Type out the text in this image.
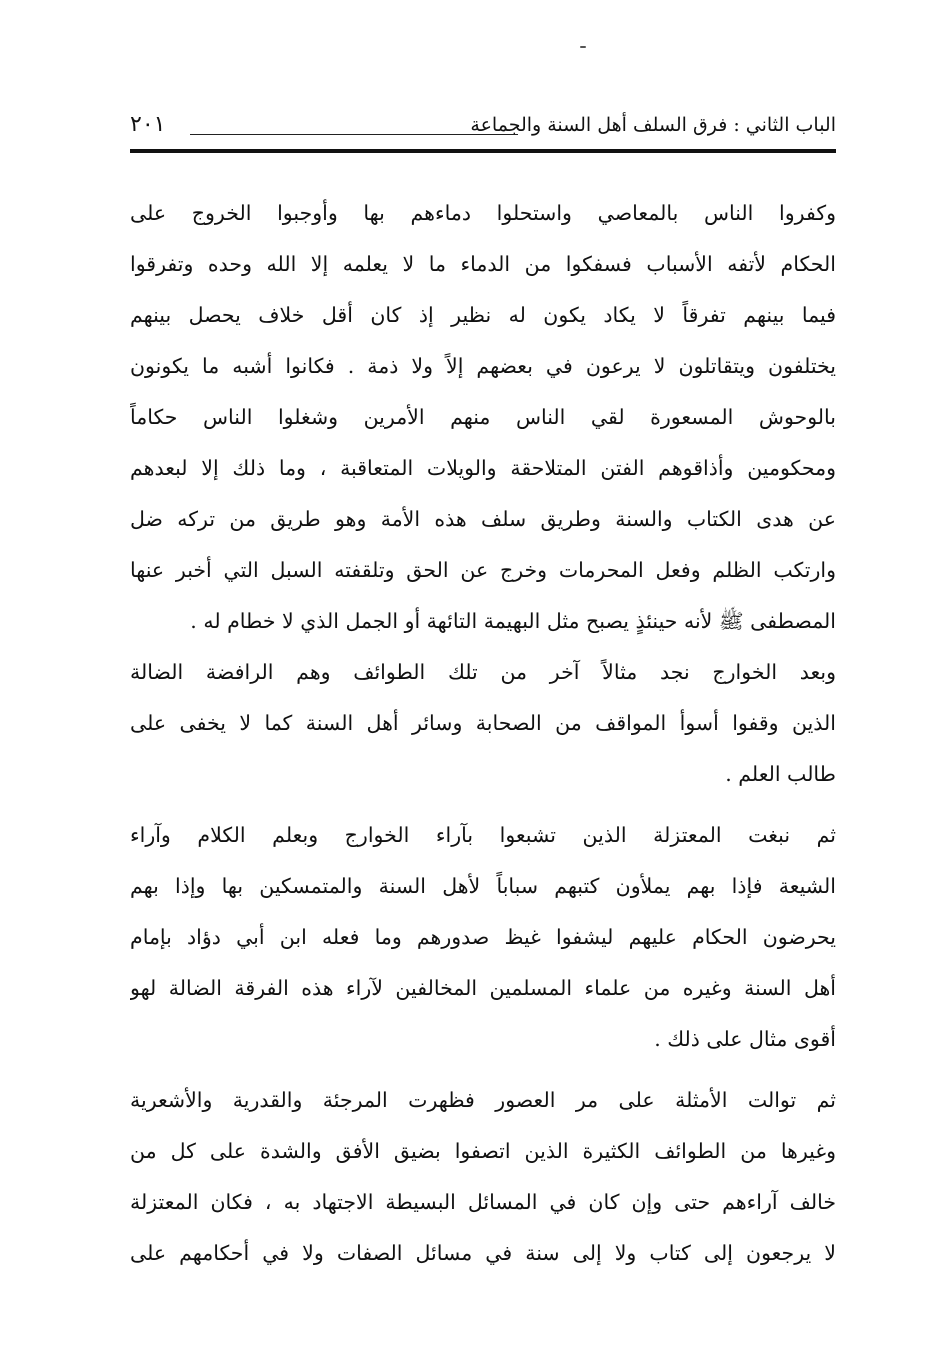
الباب الثاني : فرق السلف أهل السنة والجماعة
٢٠١
وكفروا الناس بالمعاصي واستحلوا دماءهم بها وأوجبوا الخروج على
الحكام لأتفه الأسباب فسفكوا من الدماء ما لا يعلمه إلا الله وحده وتفرقوا
فيما بينهم تفرقاً لا يكاد يكون له نظير إذ كان أقل خلاف يحصل بينهم
يختلفون ويتقاتلون لا يرعون في بعضهم إلاً ولا ذمة . فكانوا أشبه ما يكونون
بالوحوش المسعورة لقي الناس منهم الأمرين وشغلوا الناس حكاماً
ومحكومين وأذاقوهم الفتن المتلاحقة والويلات المتعاقبة ، وما ذلك إلا لبعدهم
عن هدى الكتاب والسنة وطريق سلف هذه الأمة وهو طريق من تركه ضل
وارتكب الظلم وفعل المحرمات وخرج عن الحق وتلقفته السبل التي أخبر عنها
المصطفى ﷺ لأنه حينئذٍ يصبح مثل البهيمة التائهة أو الجمل الذي لا خطام له .
وبعد الخوارج نجد مثالاً آخر من تلك الطوائف وهم الرافضة الضالة
الذين وقفوا أسوأ المواقف من الصحابة وسائر أهل السنة كما لا يخفى على
طالب العلم .
ثم نبغت المعتزلة الذين تشبعوا بآراء الخوارج وبعلم الكلام وآراء
الشيعة فإذا بهم يملأون كتبهم سباباً لأهل السنة والمتمسكين بها وإذا بهم
يحرضون الحكام عليهم ليشفوا غيظ صدورهم وما فعله ابن أبي دؤاد بإمام
أهل السنة وغيره من علماء المسلمين المخالفين لآراء هذه الفرقة الضالة لهو
أقوى مثال على ذلك .
ثم توالت الأمثلة على مر العصور فظهرت المرجئة والقدرية والأشعرية
وغيرها من الطوائف الكثيرة الذين اتصفوا بضيق الأفق والشدة على كل من
خالف آراءهم حتى وإن كان في المسائل البسيطة الاجتهاد به ، فكان المعتزلة
لا يرجعون إلى كتاب ولا إلى سنة في مسائل الصفات ولا في أحكامهم على
